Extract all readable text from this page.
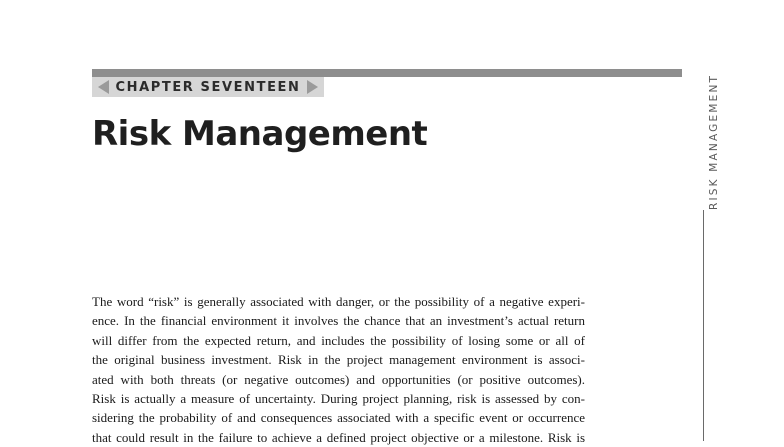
CHAPTER SEVENTEEN
Risk Management	RISK MANAGEMENT
The word “risk” is generally associated with danger, or the possibility of a negative experi-
ence. In the financial environment it involves the chance that an investment’s actual return
will differ from the expected return, and includes the possibility of losing some or all of
the original business investment. Risk in the project management environment is associ-
ated with both threats (or negative outcomes) and opportunities (or positive outcomes).
Risk is actually a measure of uncertainty. During project planning, risk is assessed by con-
sidering the probability of and consequences associated with a specific event or occurrence
that could result in the failure to achieve a defined project objective or a milestone. Risk is
